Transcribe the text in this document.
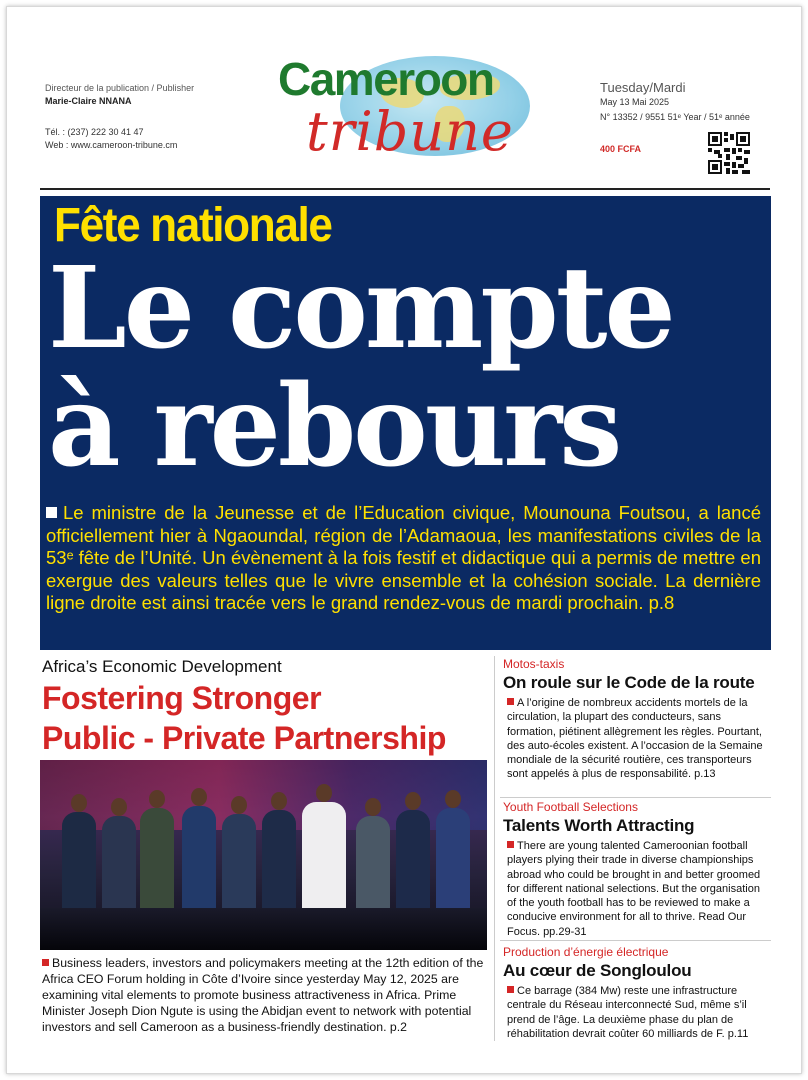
Directeur de la publication / Publisher
Marie-Claire NNANA
Tél. : (237) 222 30 41 47
Web : www.cameroon-tribune.cm
Cameroon
tribune
Tuesday/Mardi
May 13 Mai 2025
N° 13352 / 9551 51ᵉ Year / 51ᵉ année
400 FCFA
Fête nationale
Le compte
à rebours
Le ministre de la Jeunesse et de l’Education civique, Mounouna Foutsou, a lancé officiellement hier à Ngaoundal, région de l’Adamaoua, les manifestations civiles de la 53ᵉ fête de l’Unité. Un évènement à la fois festif et didactique qui a permis de mettre en exergue des valeurs telles que le vivre ensemble et la cohésion sociale. La dernière ligne droite est ainsi tracée vers le grand rendez-vous de mardi prochain. p.8
Africa’s Economic Development
Fostering Stronger
Public - Private Partnership
Business leaders, investors and policymakers meeting at the 12th edition of the Africa CEO Forum holding in Côte d’Ivoire since yesterday May 12, 2025 are examining vital elements to promote business attractiveness in Africa. Prime Minister Joseph Dion Ngute is using the Abidjan event to network with potential investors and sell Cameroon as a business-friendly destination. p.2
Motos-taxis
On roule sur le Code de la route
A l’origine de nombreux accidents mortels de la circulation, la plupart des conducteurs, sans formation, piétinent allègrement les règles. Pourtant, des auto-écoles existent. A l’occasion de la Semaine mondiale de la sécurité routière, ces transporteurs sont appelés à plus de responsabilité. p.13
Youth Football Selections
Talents Worth Attracting
There are young talented Cameroonian football players plying their trade in diverse championships abroad who could be brought in and better groomed for different national selections. But the organisation of the youth football has to be reviewed to make a conducive environment for all to thrive. Read Our Focus. pp.29-31
Production d’énergie électrique
Au cœur de Songloulou
Ce barrage (384 Mw) reste une infrastructure centrale du Réseau interconnecté Sud, même s’il prend de l’âge. La deuxième phase du plan de réhabilitation devrait coûter 60 milliards de F. p.11
